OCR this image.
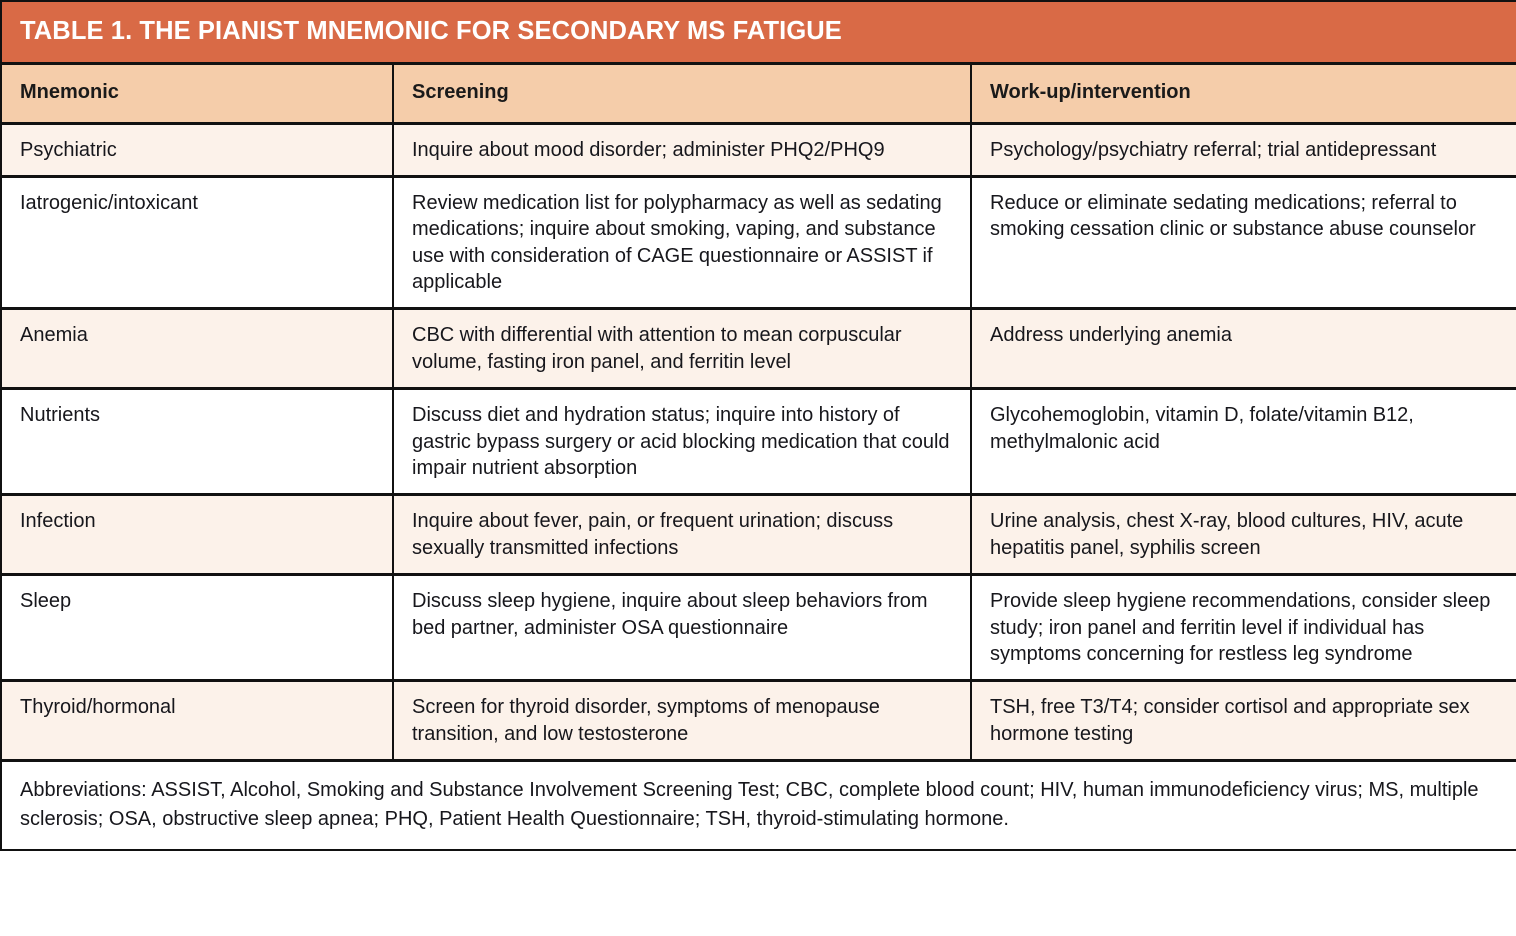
TABLE 1. THE PIANIST MNEMONIC FOR SECONDARY MS FATIGUE		
Mnemonic	Screening	Work-up/intervention
Psychiatric	Inquire about mood disorder; administer PHQ2/PHQ9	Psychology/psychiatry referral; trial antidepressant
Iatrogenic/intoxicant	Review medication list for polypharmacy as well as sedating medications; inquire about smoking, vaping, and substance use with consideration of CAGE questionnaire or ASSIST if applicable	Reduce or eliminate sedating medications; referral to smoking cessation clinic or substance abuse counselor
Anemia	CBC with differential with attention to mean corpuscular volume, fasting iron panel, and ferritin level	Address underlying anemia
Nutrients	Discuss diet and hydration status; inquire into history of gastric bypass surgery or acid blocking medication that could impair nutrient absorption	Glycohemoglobin, vitamin D, folate/vitamin B12, methylmalonic acid
Infection	Inquire about fever, pain, or frequent urination; discuss sexually transmitted infections	Urine analysis, chest X-ray, blood cultures, HIV, acute hepatitis panel, syphilis screen
Sleep	Discuss sleep hygiene, inquire about sleep behaviors from bed partner, administer OSA questionnaire	Provide sleep hygiene recommendations, consider sleep study; iron panel and ferritin level if individual has symptoms concerning for restless leg syndrome
Thyroid/hormonal	Screen for thyroid disorder, symptoms of menopause transition, and low testosterone	TSH, free T3/T4; consider cortisol and appropriate sex hormone testing
Abbreviations: ASSIST, Alcohol, Smoking and Substance Involvement Screening Test; CBC, complete blood count; HIV, human immunodeficiency virus; MS, multiple sclerosis; OSA, obstructive sleep apnea; PHQ, Patient Health Questionnaire; TSH, thyroid-stimulating hormone.		
